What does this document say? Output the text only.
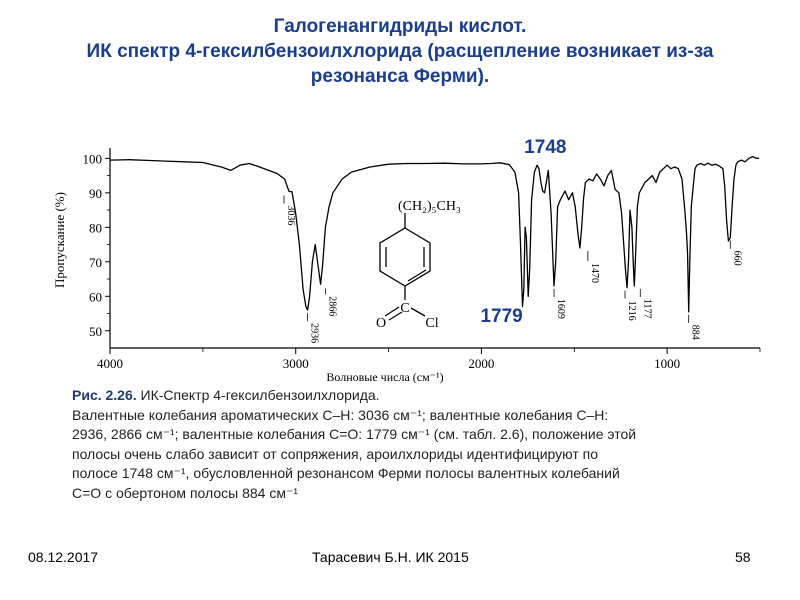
Галогенангидриды кислот.
ИК спектр 4-гексилбензоилхлорида (расщепление возникает из-за
резонанса Ферми).
100
90
80
70
60
50
4000	3000	2000	1000
3036
2936
2866	1609
1470
1216 1177
884
660
1748
1779
Пропускание (%)
Волновые числа (см⁻¹)
(CH₂)₅CH₃
C
O	Cl
Рис. 2.26. ИК-Спектр 4-гексилбензоилхлорида.
Валентные колебания ароматических C–H: 3036 см⁻¹; валентные колебания C–H:
2936, 2866 см⁻¹; валентные колебания C=O: 1779 см⁻¹ (см. табл. 2.6), положение этой
полосы очень слабо зависит от сопряжения, ароилхлориды идентифицируют по
полосе 1748 см⁻¹, обусловленной резонансом Ферми полосы валентных колебаний
C=O с обертоном полосы 884 см⁻¹
08.12.2017	Тарасевич Б.Н. ИК 2015	58
